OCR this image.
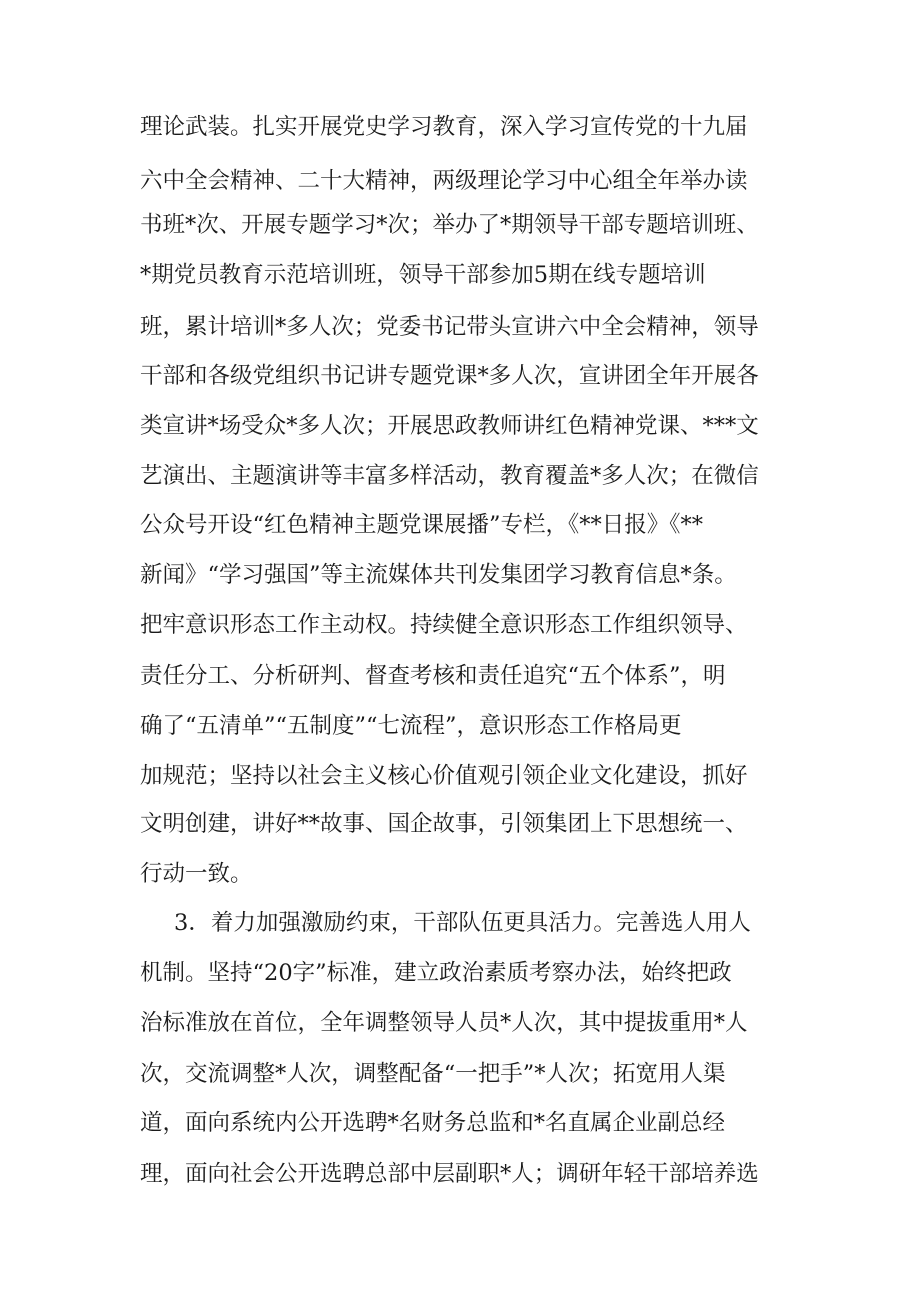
理论武装。扎实开展党史学习教育，深入学习宣传党的十九届
六中全会精神、二十大精神，两级理论学习中心组全年举办读
书班*次、开展专题学习*次；举办了*期领导干部专题培训班、
*期党员教育示范培训班，领导干部参加5期在线专题培训
班，累计培训*多人次；党委书记带头宣讲六中全会精神，领导
干部和各级党组织书记讲专题党课*多人次，宣讲团全年开展各
类宣讲*场受众*多人次；开展思政教师讲红色精神党课、***文
艺演出、主题演讲等丰富多样活动，教育覆盖*多人次；在微信
公众号开设“红色精神主题党课展播”专栏，《**日报》《**
新闻》“学习强国”等主流媒体共刊发集团学习教育信息*条。
把牢意识形态工作主动权。持续健全意识形态工作组织领导、
责任分工、分析研判、督查考核和责任追究“五个体系”，明
确了“五清单”“五制度”“七流程”，意识形态工作格局更
加规范；坚持以社会主义核心价值观引领企业文化建设，抓好
文明创建，讲好**故事、国企故事，引领集团上下思想统一、
行动一致。
3．着力加强激励约束，干部队伍更具活力。完善选人用人
机制。坚持“20字”标准，建立政治素质考察办法，始终把政
治标准放在首位，全年调整领导人员*人次，其中提拔重用*人
次，交流调整*人次，调整配备“一把手”*人次；拓宽用人渠
道，面向系统内公开选聘*名财务总监和*名直属企业副总经
理，面向社会公开选聘总部中层副职*人；调研年轻干部培养选
